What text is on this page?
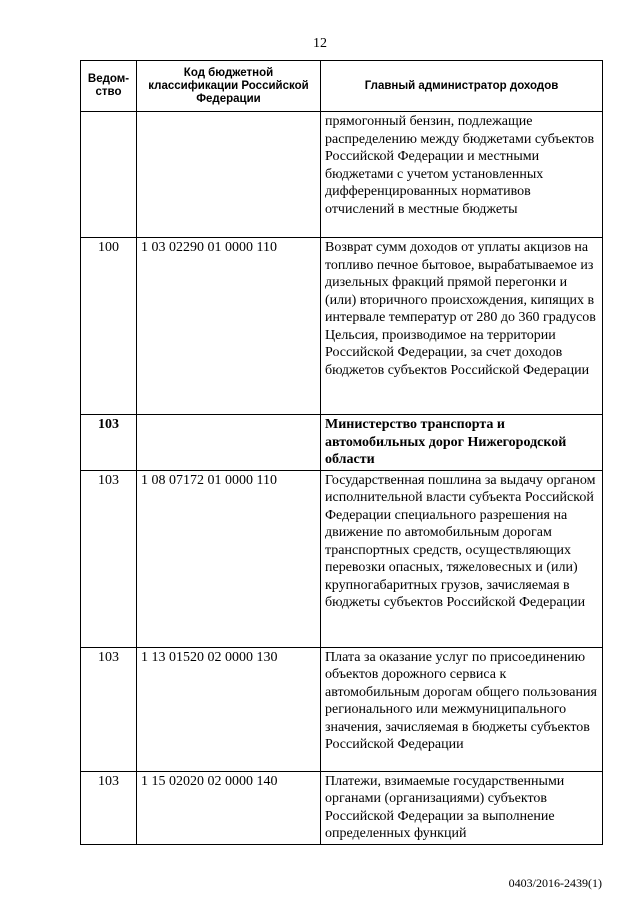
12
Ведом-
ство	Код бюджетной классификации Российской Федерации	Главный администратор доходов
		прямогонный бензин, подлежащие распределению между бюджетами субъектов Российской Федерации и местными бюджетами с учетом установленных дифференцированных нормативов отчислений в местные бюджеты
100	1 03 02290 01 0000 110	Возврат сумм доходов от уплаты акцизов на топливо печное бытовое, вырабатываемое из дизельных фракций прямой перегонки и (или) вторичного происхождения, кипящих в интервале температур от 280 до 360 градусов Цельсия, производимое на территории Российской Федерации, за счет доходов бюджетов субъектов Российской Федерации
103		Министерство транспорта и автомобильных дорог Нижегородской области
103	1 08 07172 01 0000 110	Государственная пошлина за выдачу органом исполнительной власти субъекта Российской Федерации специального разрешения на движение по автомобильным дорогам транспортных средств, осуществляющих перевозки опасных, тяжеловесных и (или) крупногабаритных грузов, зачисляемая в бюджеты субъектов Российской Федерации
103	1 13 01520 02 0000 130	Плата за оказание услуг по присоединению объектов дорожного сервиса к автомобильным дорогам общего пользования регионального или межмуниципального значения, зачисляемая в бюджеты субъектов Российской Федерации
103	1 15 02020 02 0000 140	Платежи, взимаемые государственными органами (организациями) субъектов Российской Федерации за выполнение определенных функций
0403/2016-2439(1)
